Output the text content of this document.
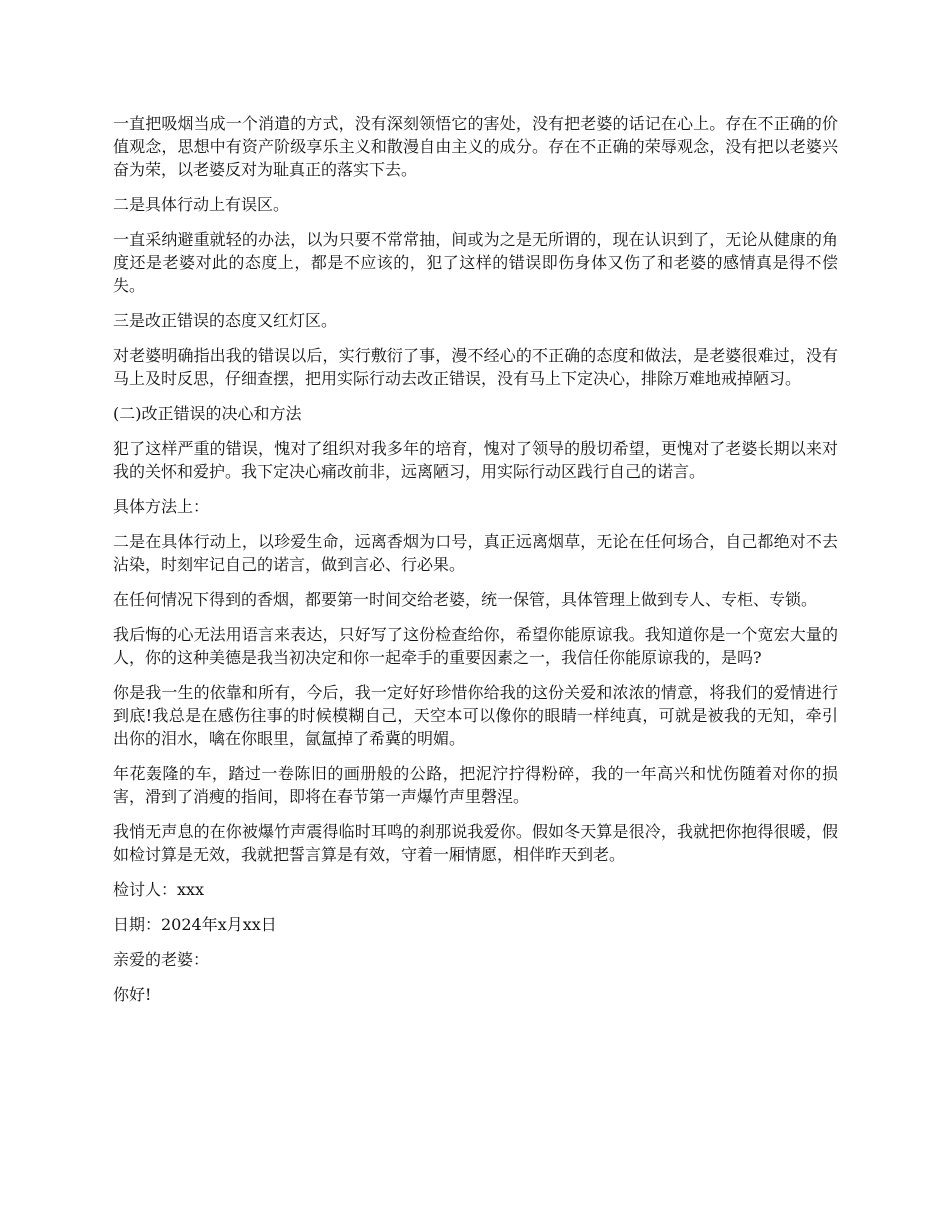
一直把吸烟当成一个消遣的方式，没有深刻领悟它的害处，没有把老婆的话记在心上。存在不正确的价值观念，思想中有资产阶级享乐主义和散漫自由主义的成分。存在不正确的荣辱观念，没有把以老婆兴奋为荣，以老婆反对为耻真正的落实下去。

二是具体行动上有误区。

一直采纳避重就轻的办法，以为只要不常常抽，间或为之是无所谓的，现在认识到了，无论从健康的角度还是老婆对此的态度上，都是不应该的，犯了这样的错误即伤身体又伤了和老婆的感情真是得不偿失。

三是改正错误的态度又红灯区。

对老婆明确指出我的错误以后，实行敷衍了事，漫不经心的不正确的态度和做法，是老婆很难过，没有马上及时反思，仔细查摆，把用实际行动去改正错误，没有马上下定决心，排除万难地戒掉陋习。

(二)改正错误的决心和方法

犯了这样严重的错误，愧对了组织对我多年的培育，愧对了领导的殷切希望，更愧对了老婆长期以来对我的关怀和爱护。我下定决心痛改前非，远离陋习，用实际行动区践行自己的诺言。

具体方法上：

二是在具体行动上，以珍爱生命，远离香烟为口号，真正远离烟草，无论在任何场合，自己都绝对不去沾染，时刻牢记自己的诺言，做到言必、行必果。

在任何情况下得到的香烟，都要第一时间交给老婆，统一保管，具体管理上做到专人、专柜、专锁。

我后悔的心无法用语言来表达，只好写了这份检查给你，希望你能原谅我。我知道你是一个宽宏大量的人，你的这种美德是我当初决定和你一起牵手的重要因素之一，我信任你能原谅我的，是吗?

你是我一生的依靠和所有，今后，我一定好好珍惜你给我的这份关爱和浓浓的情意，将我们的爱情进行到底!我总是在感伤往事的时候模糊自己，天空本可以像你的眼睛一样纯真，可就是被我的无知，牵引出你的泪水，噙在你眼里，氤氲掉了希冀的明媚。

年花轰隆的车，踏过一卷陈旧的画册般的公路，把泥泞拧得粉碎，我的一年高兴和忧伤随着对你的损害，滑到了消瘦的指间，即将在春节第一声爆竹声里磬涅。

我悄无声息的在你被爆竹声震得临时耳鸣的刹那说我爱你。假如冬天算是很冷，我就把你抱得很暖，假如检讨算是无效，我就把誓言算是有效，守着一厢情愿，相伴昨天到老。

检讨人：xxx

日期：2024年x月xx日

亲爱的老婆：

你好!
